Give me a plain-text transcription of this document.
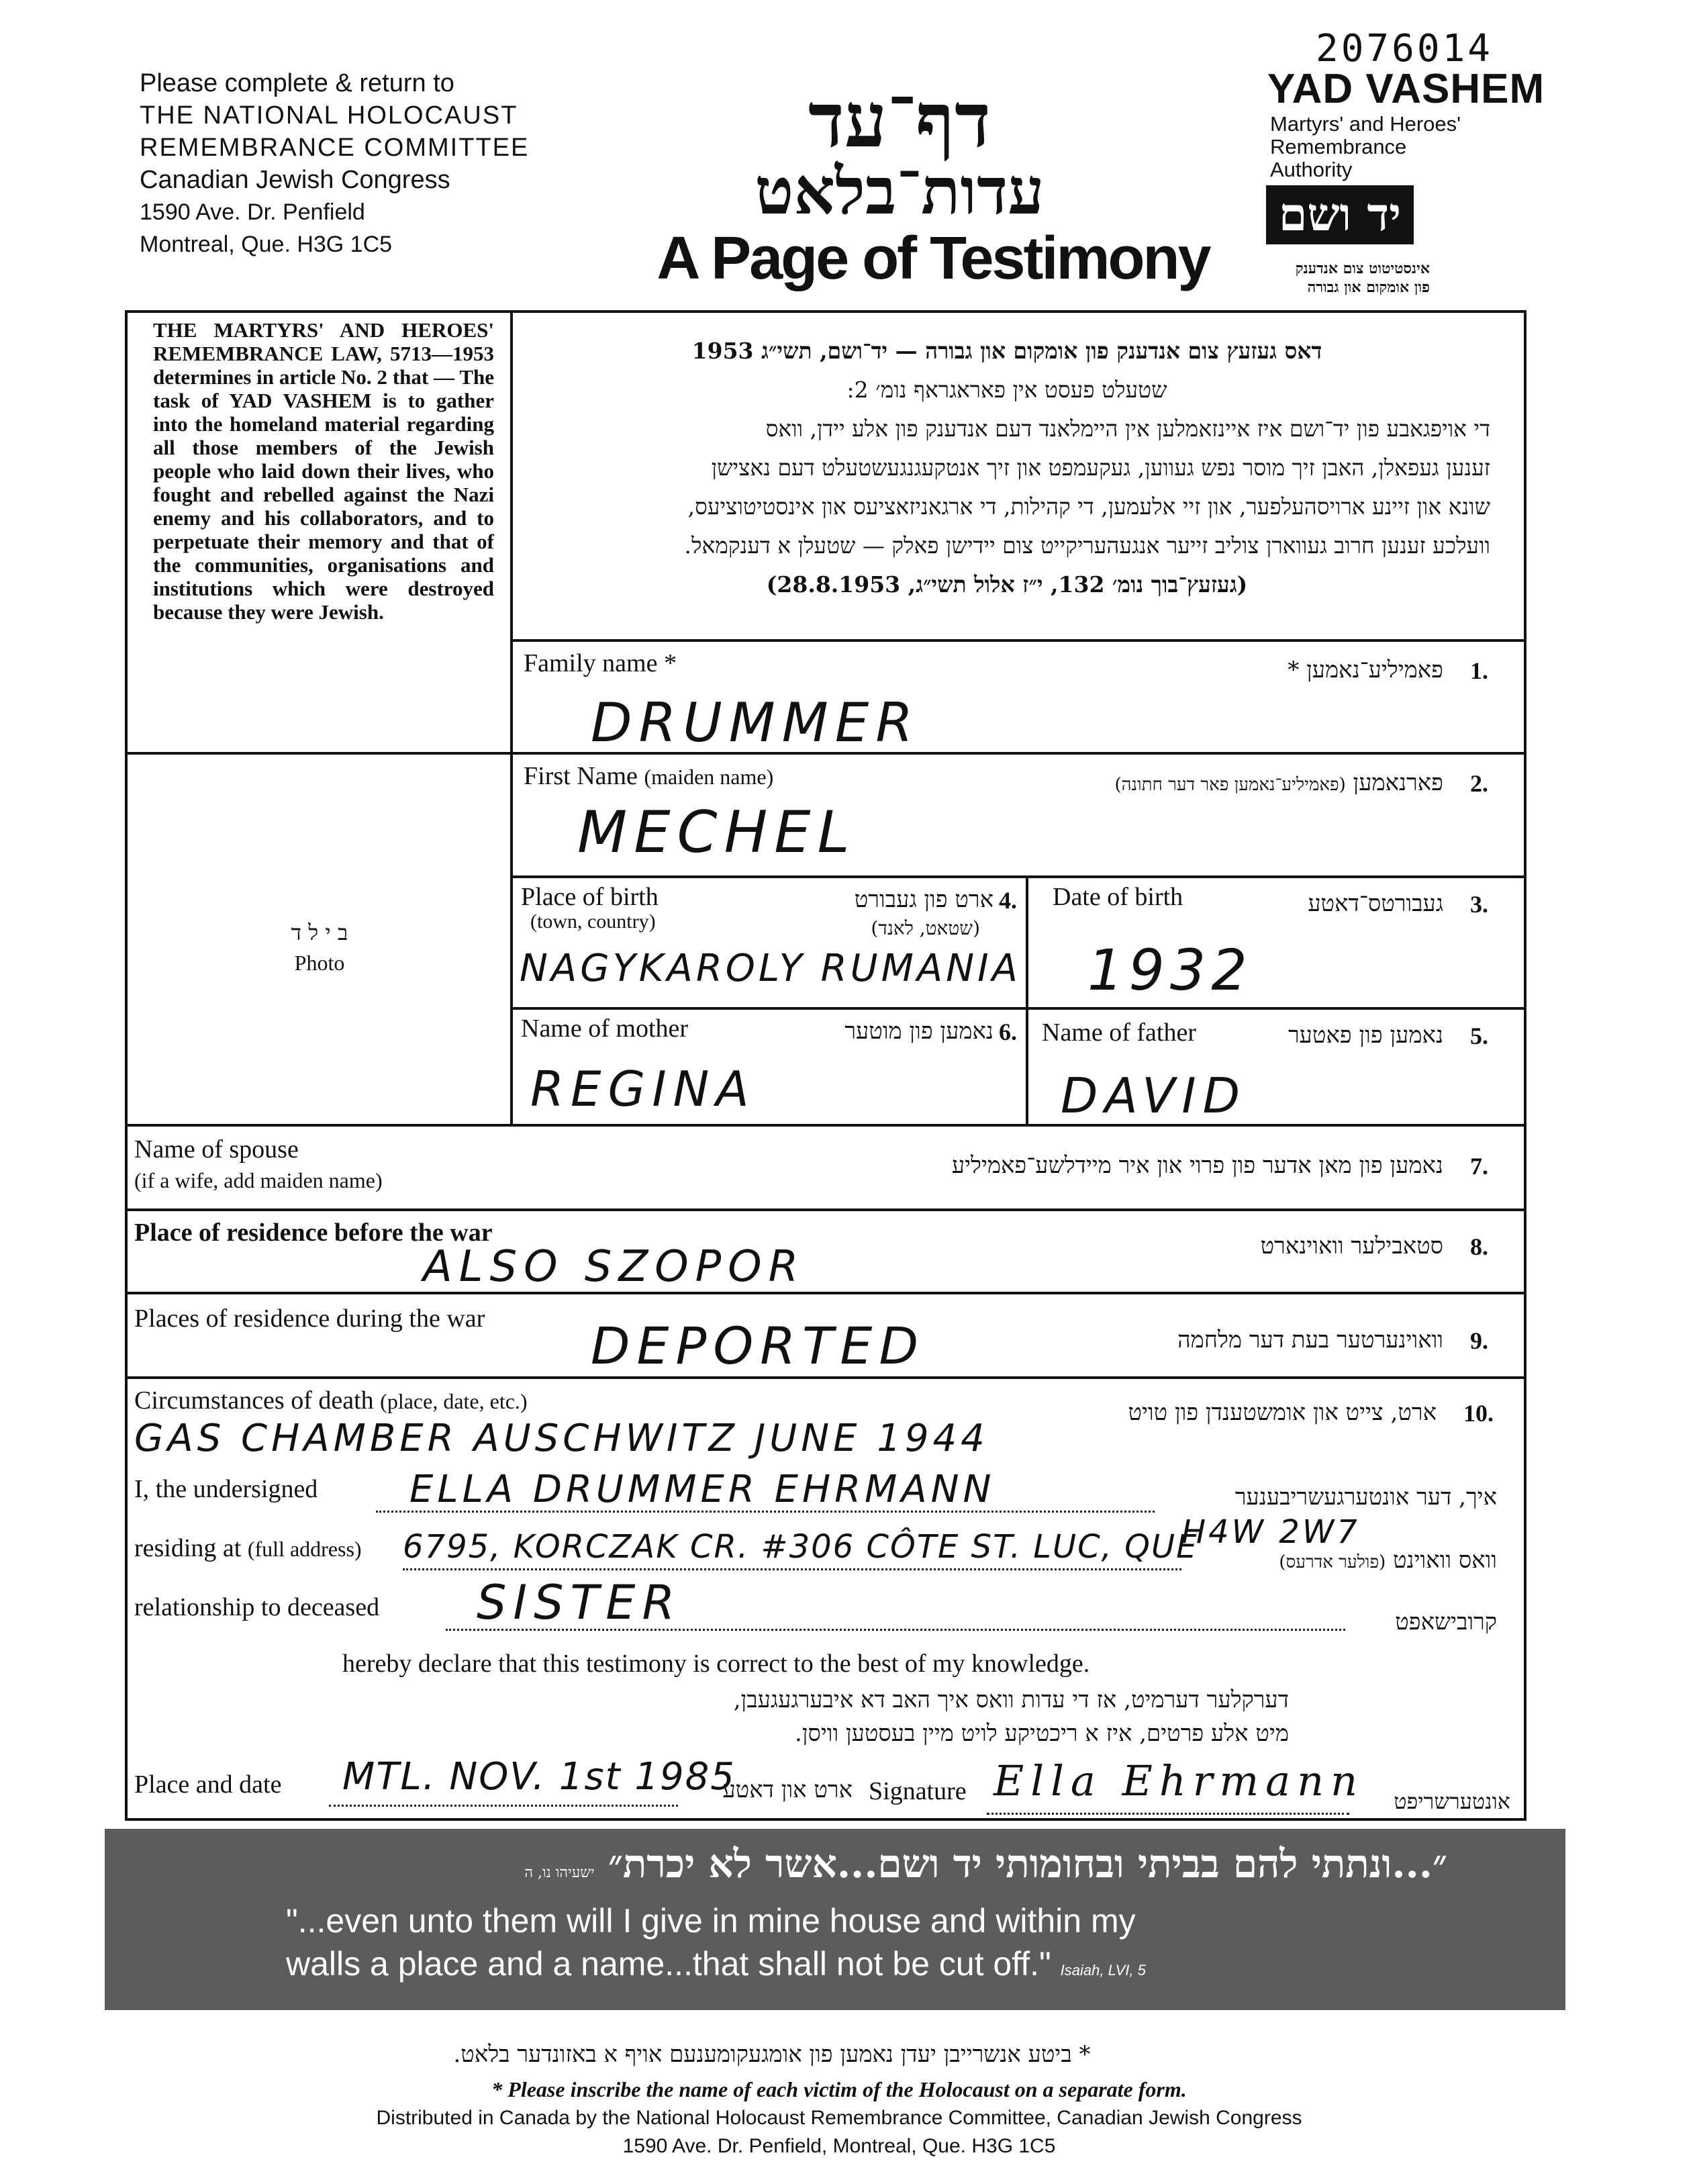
Please complete & return to
THE NATIONAL HOLOCAUST
REMEMBRANCE COMMITTEE
Canadian Jewish Congress
1590 Ave. Dr. Penfield
Montreal, Que. H3G 1C5
דף־עד
עדות־בלאט
A Page of Testimony
2076014
YAD VASHEM
Martyrs' and Heroes'
Remembrance
Authority
יד ושם
אינסטיטוט צום אנדענק
פון אומקום און גבורה
THE MARTYRS' AND HEROES' REMEMBRANCE LAW, 5713—1953 determines in article No. 2 that — The task of YAD VASHEM is to gather into the homeland material regarding all those members of the Jewish people who laid down their lives, who fought and rebelled against the Nazi enemy and his collaborators, and to perpetuate their memory and that of the communities, organisations and institutions which were destroyed because they were Jewish.
דאס געזעץ צום אנדענק פון אומקום און גבורה — יד־ושם, תשי״ג 1953
שטעלט פעסט אין פאראגראף נומ׳ 2:
די אויפגאבע פון יד־ושם איז איינזאמלען אין היימלאנד דעם אנדענק פון אלע יידן, וואס
זענען געפאלן, האבן זיך מוסר נפש געווען, געקעמפט און זיך אנטקעגנגעשטעלט דעם נאצישן
שונא און זיינע ארויסהעלפער, און זיי אלעמען, די קהילות, די ארגאניזאציעס און אינסטיטוציעס,
וועלכע זענען חרוב געווארן צוליב זייער אנגעהעריקייט צום יידישן פאלק — שטעלן א דענקמאל.
(געזעץ־בוך נומ׳ 132, י״ז אלול תשי״ג, 28.8.1953)
ב י ל ד
Photo
Family name *	פאמיליע־נאמען * 1.
DRUMMER
First Name (maiden name)	פארנאמען (פאמיליע־נאמען פאר דער חתונה)	2.
MECHEL
Place of birth
(town, country)
ארט פון געבורט 4.
(שטאט, לאנד)
NAGYKAROLY RUMANIA
Date of birth	געבורטס־דאטע 3.
1932
Name of mother	נאמען פון מוטער 6.
REGINA
Name of father	נאמען פון פאטער 5.
DAVID
Name of spouse
(if a wife, add maiden name)
נאמען פון מאן אדער פון פרוי און איר מיידלשע־פאמיליע 7.
Place of residence before the war	סטאבילער וואוינארט 8.
ALSO SZOPOR
Places of residence during the war
וואוינערטער בעת דער מלחמה 9.
DEPORTED
Circumstances of death (place, date, etc.)	ארט, צייט און אומשטענדן פון טויט 10.
GAS CHAMBER AUSCHWITZ JUNE 1944
I, the undersigned ELLA DRUMMER EHRMANN	איך, דער אונטערגעשריבענער
residing at (full address) 6795, KORCZAK CR. #306 CÔTE ST. LUC, QUE
H4W 2W7
וואס וואוינט (פולער אדרעס)
relationship to deceased SISTER	קרובישאפט
hereby declare that this testimony is correct to the best of my knowledge.
דערקלער דערמיט, אז די עדות וואס איך האב דא איבערגעגעבן,
מיט אלע פרטים, איז א ריכטיקע לויט מיין בעסטען וויסן.
Place and date MTL. NOV. 1st 1985
ארט און דאטע Signature Ella Ehrmann	אונטערשריפט
״...ונתתי להם בביתי ובחומותי יד ושם...אשר לא יכרת״ ישעיהו נו, ה
"...even unto them will I give in mine house and within my
walls a place and a name...that shall not be cut off." Isaiah, LVI, 5
* ביטע אנשרייבן יעדן נאמען פון אומגעקומענעם אויף א באזונדער בלאט.
* Please inscribe the name of each victim of the Holocaust on a separate form.
Distributed in Canada by the National Holocaust Remembrance Committee, Canadian Jewish Congress
1590 Ave. Dr. Penfield, Montreal, Que. H3G 1C5
